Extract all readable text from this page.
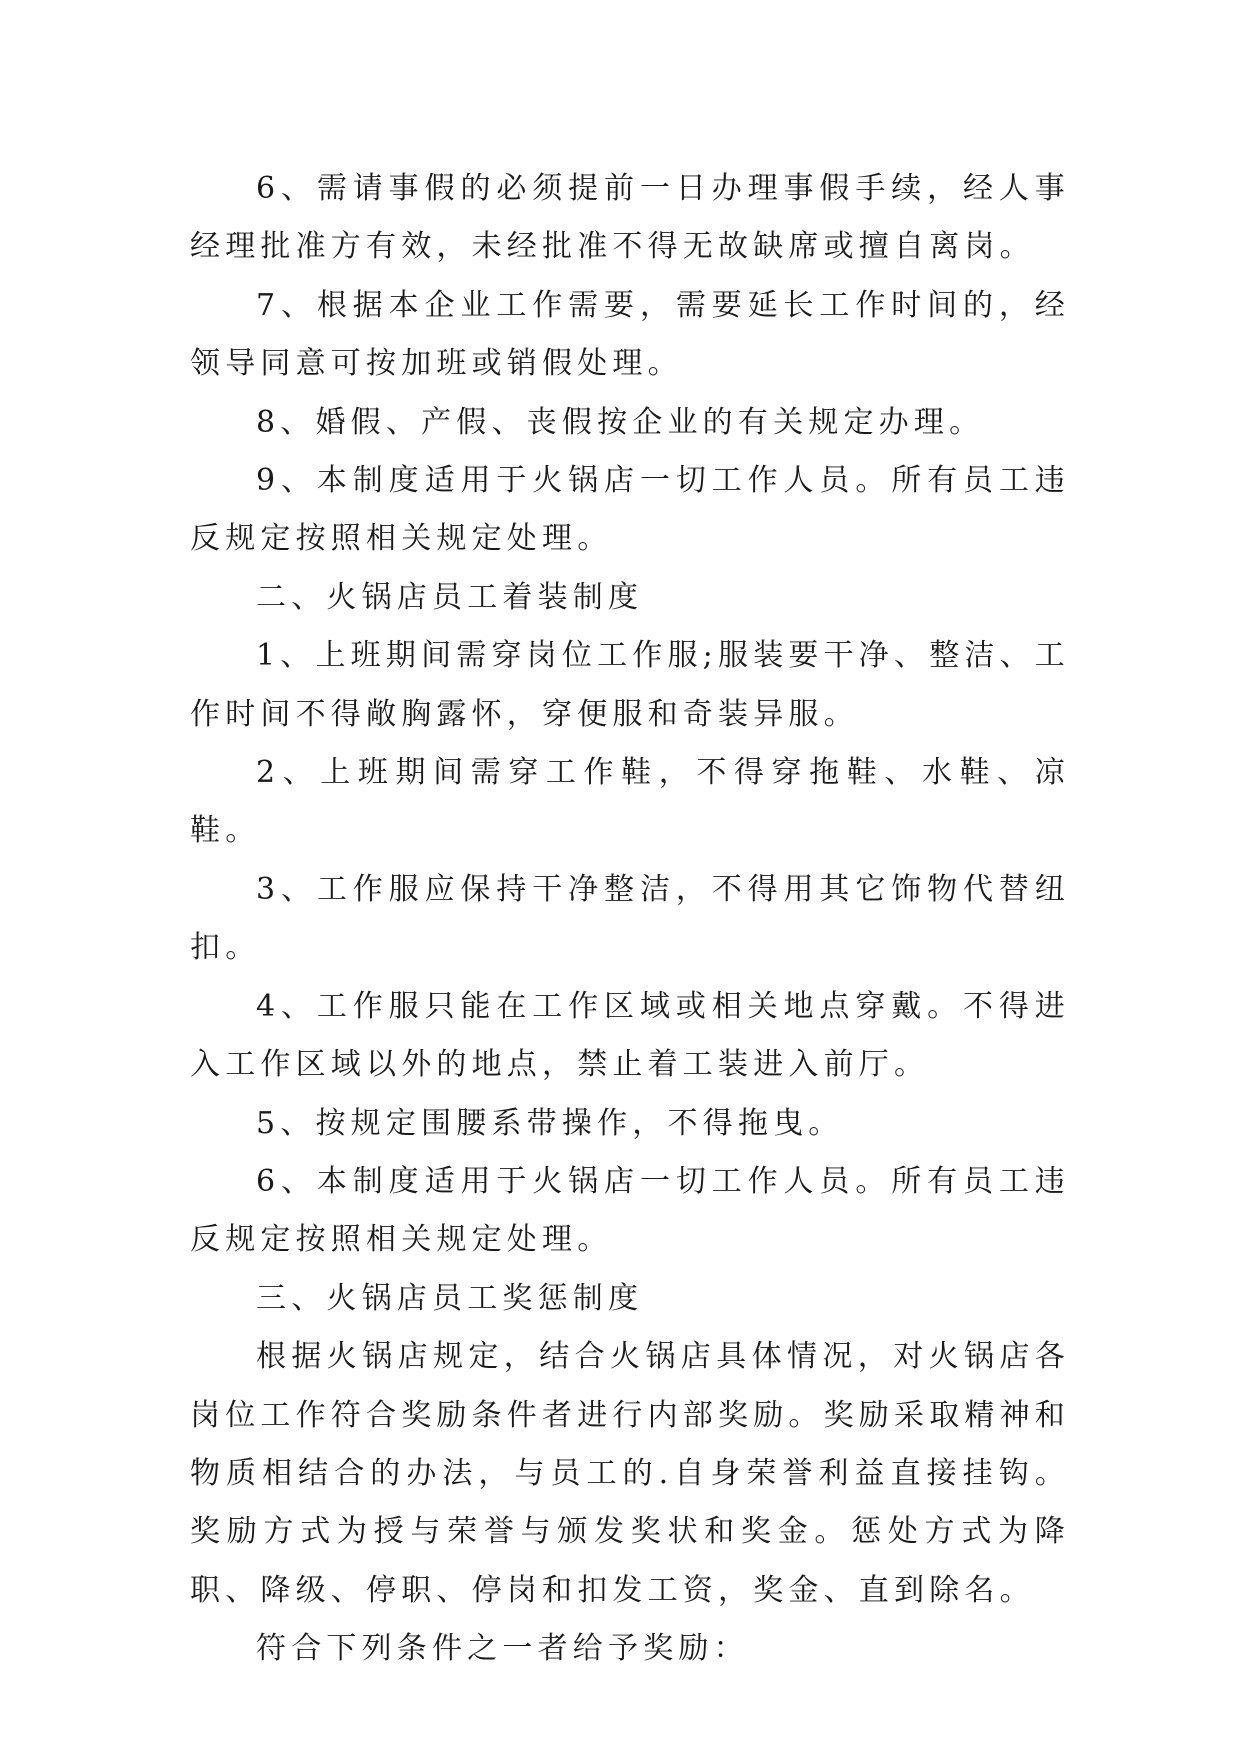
6、需请事假的必须提前一日办理事假手续，经人事经理批准方有效，未经批准不得无故缺席或擅自离岗。

7、根据本企业工作需要，需要延长工作时间的，经领导同意可按加班或销假处理。

8、婚假、产假、丧假按企业的有关规定办理。

9、本制度适用于火锅店一切工作人员。所有员工违反规定按照相关规定处理。

二、火锅店员工着装制度

1、上班期间需穿岗位工作服;服装要干净、整洁、工作时间不得敞胸露怀，穿便服和奇装异服。

2、上班期间需穿工作鞋，不得穿拖鞋、水鞋、凉鞋。

3、工作服应保持干净整洁，不得用其它饰物代替纽扣。

4、工作服只能在工作区域或相关地点穿戴。不得进入工作区域以外的地点，禁止着工装进入前厅。

5、按规定围腰系带操作，不得拖曳。

6、本制度适用于火锅店一切工作人员。所有员工违反规定按照相关规定处理。

三、火锅店员工奖惩制度

根据火锅店规定，结合火锅店具体情况，对火锅店各岗位工作符合奖励条件者进行内部奖励。奖励采取精神和物质相结合的办法，与员工的.自身荣誉利益直接挂钩。奖励方式为授与荣誉与颁发奖状和奖金。惩处方式为降职、降级、停职、停岗和扣发工资，奖金、直到除名。

符合下列条件之一者给予奖励：
